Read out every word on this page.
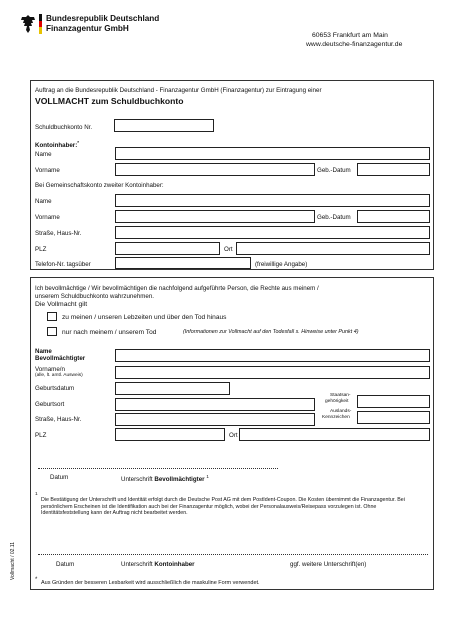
Bundesrepublik Deutschland
Finanzagentur GmbH
60653 Frankfurt am Main
www.deutsche-finanzagentur.de
Auftrag an die Bundesrepublik Deutschland - Finanzagentur GmbH (Finanzagentur) zur Eintragung einer
VOLLMACHT zum Schuldbuchkonto
Schuldbuchkonto Nr.
Kontoinhaber:*
Name
Vorname	Geb.-Datum
Bei Gemeinschaftskonto zweiter Kontoinhaber:
Name
Vorname	Geb.-Datum
Straße, Haus-Nr.
PLZ	Ort
Telefon-Nr. tagsüber	(freiwillige Angabe)
Ich bevollmächtige / Wir bevollmächtigen die nachfolgend aufgeführte Person, die Rechte aus meinem /
unserem Schuldbuchkonto wahrzunehmen.
Die Vollmacht gilt
zu meinen / unseren Lebzeiten und über den Tod hinaus
nur nach meinem / unserem Tod	(Informationen zur Vollmacht auf den Todesfall s. Hinweise unter Punkt 4)
Name
Bevollmächtigter
Vorname/n
(alle, lt. amtl. Ausweis)
Geburtsdatum
Geburtsort
Staatsan-
gehörigkeit
Straße, Haus-Nr.
Auslands-
Kennzeichen
PLZ	Ort
Datum	Unterschrift Bevollmächtigter $^1$
1
Die Bestätigung der Unterschrift und Identität erfolgt durch die Deutsche Post AG mit dem PostIdent-Coupon. Die Kosten übernimmt die Finanzagentur. Bei persönlichem Erscheinen ist die Identifikation auch bei der Finanzagentur möglich, wobei der Personalausweis/Reisepass vorzulegen ist. Ohne Identitätsfeststellung kann der Auftrag nicht bearbeitet werden.
Datum	Unterschrift Kontoinhaber	ggf. weitere Unterschrift(en)
* Aus Gründen der besseren Lesbarkeit wird ausschließlich die maskuline Form verwendet.
Vollmacht / 02.11
